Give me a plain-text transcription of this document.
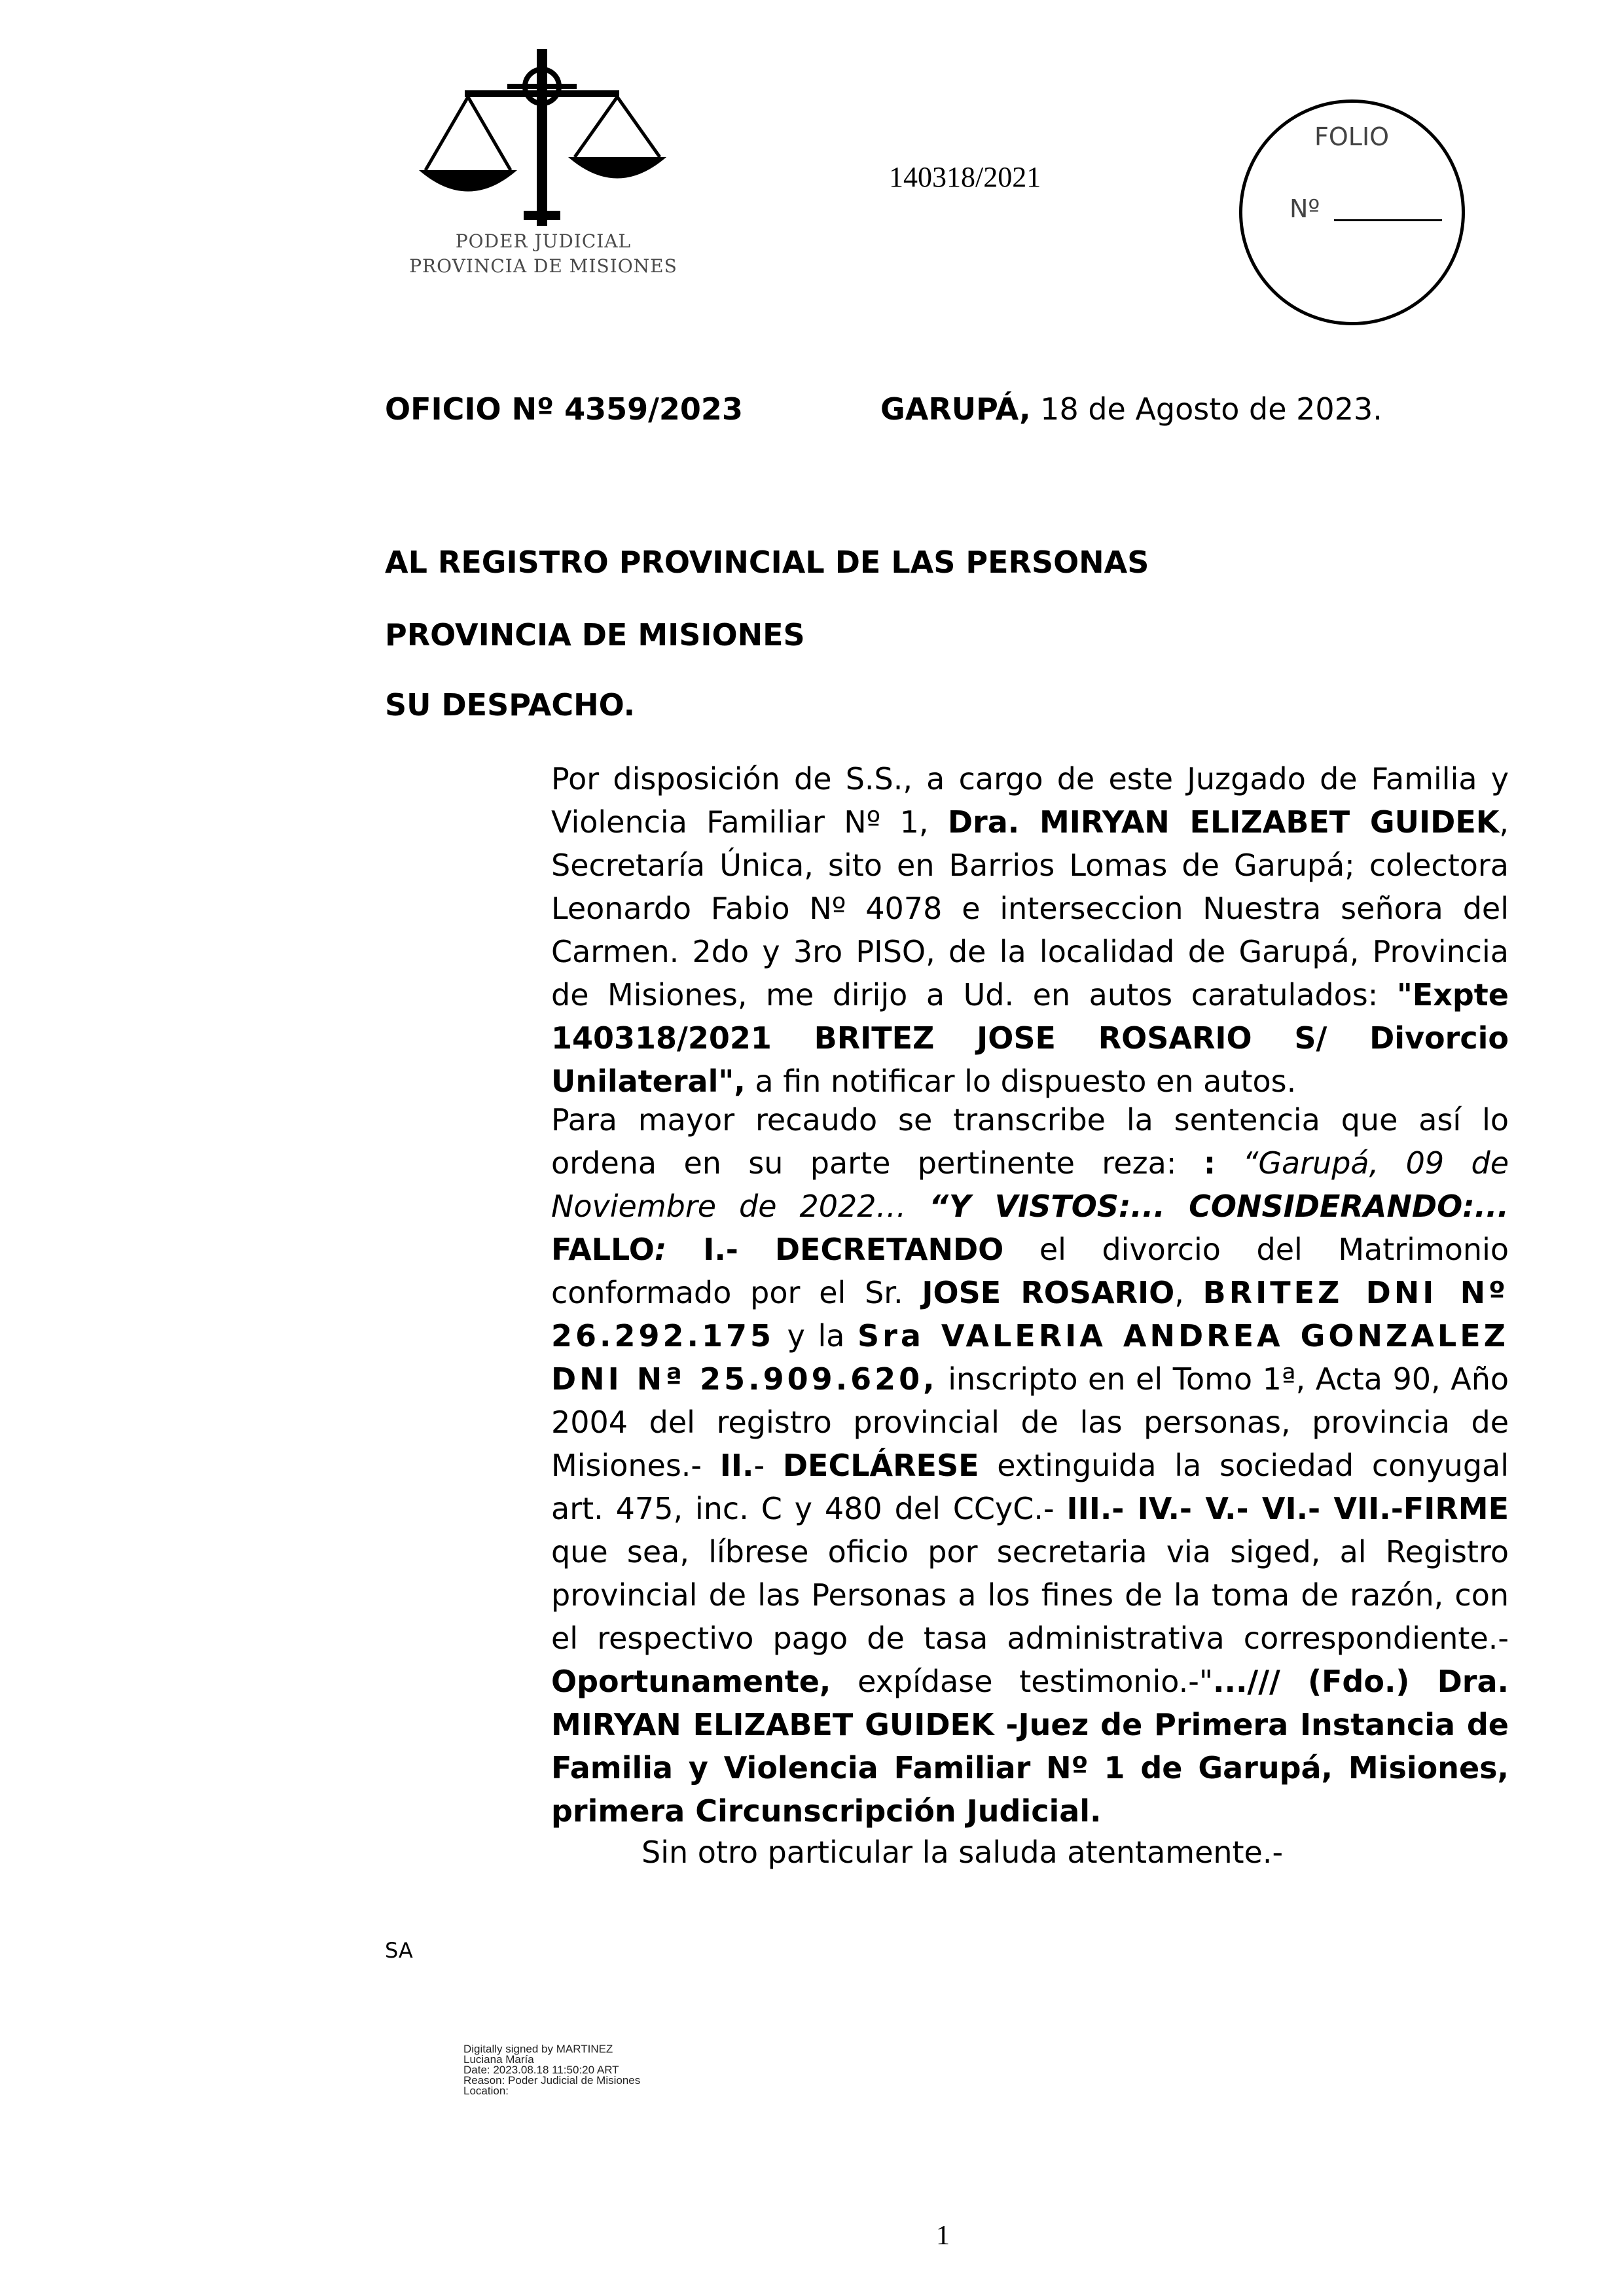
PODER JUDICIAL
PROVINCIA DE MISIONES
140318/2021
FOLIO
Nº
OFICIO Nº 4359/2023	GARUPÁ, 18 de Agosto de 2023.
AL REGISTRO PROVINCIAL DE LAS PERSONAS
PROVINCIA DE MISIONES
SU DESPACHO.

Por disposición de S.S., a cargo de este Juzgado de Familia y Violencia Familiar Nº 1, Dra. MIRYAN ELIZABET GUIDEK, Secretaría Única, sito en Barrios Lomas de Garupá; colectora Leonardo Fabio Nº 4078 e interseccion Nuestra señora del Carmen. 2do y 3ro PISO, de la localidad de Garupá, Provincia de Misiones, me dirijo a Ud. en autos caratulados: "Expte 140318/2021 BRITEZ JOSE ROSARIO S/ Divorcio Unilateral", a fin notificar lo dispuesto en autos.

Para mayor recaudo se transcribe la sentencia que así lo ordena en su parte pertinente reza: : “Garupá, 09 de Noviembre de 2022… “Y VISTOS:... CONSIDERANDO:... FALLO: I.- DECRETANDO el divorcio del Matrimonio conformado por el Sr. JOSE ROSARIO, BRITEZ DNI Nº 26.292.175 y la Sra VALERIA ANDREA GONZALEZ DNI Nª 25.909.620, inscripto en el Tomo 1ª, Acta 90, Año 2004 del registro provincial de las personas, provincia de Misiones.- II.- DECLÁRESE extinguida la sociedad conyugal art. 475, inc. C y 480 del CCyC.- III.- IV.- V.- VI.- VII.-FIRME que sea, líbrese oficio por secretaria via siged, al Registro provincial de las Personas a los fines de la toma de razón, con el respectivo pago de tasa administrativa correspondiente.- Oportunamente, expídase testimonio.-".../// (Fdo.) Dra. MIRYAN ELIZABET GUIDEK -Juez de Primera Instancia de Familia y Violencia Familiar Nº 1 de Garupá, Misiones, primera Circunscripción Judicial.

Sin otro particular la saluda atentamente.-
SA
Digitally signed by MARTINEZ
Luciana María
Date: 2023.08.18 11:50:20 ART
Reason: Poder Judicial de Misiones
Location:
1
